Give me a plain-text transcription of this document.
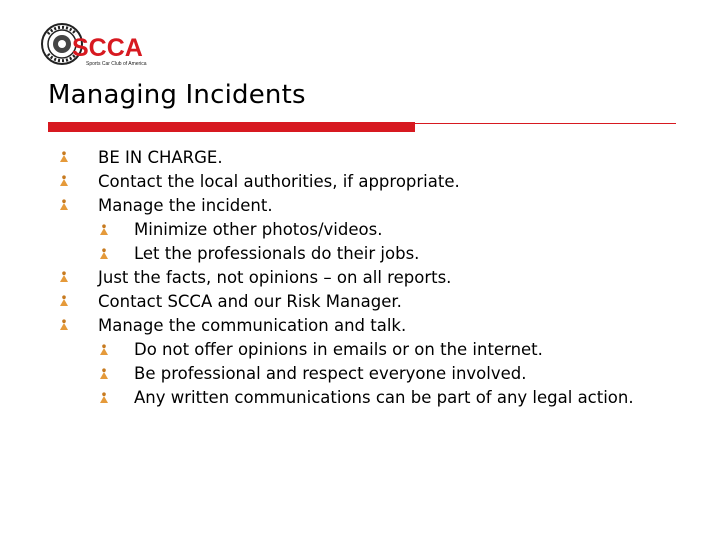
SCCA
Sports Car Club of America
Managing Incidents
BE IN CHARGE.
Contact the local authorities, if appropriate.
Manage the incident.
Minimize other photos/videos.
Let the professionals do their jobs.
Just the facts, not opinions – on all reports.
Contact SCCA and our Risk Manager.
Manage the communication and talk.
Do not offer opinions in emails or on the internet.
Be professional and respect everyone involved.
Any written communications can be part of any legal action.
